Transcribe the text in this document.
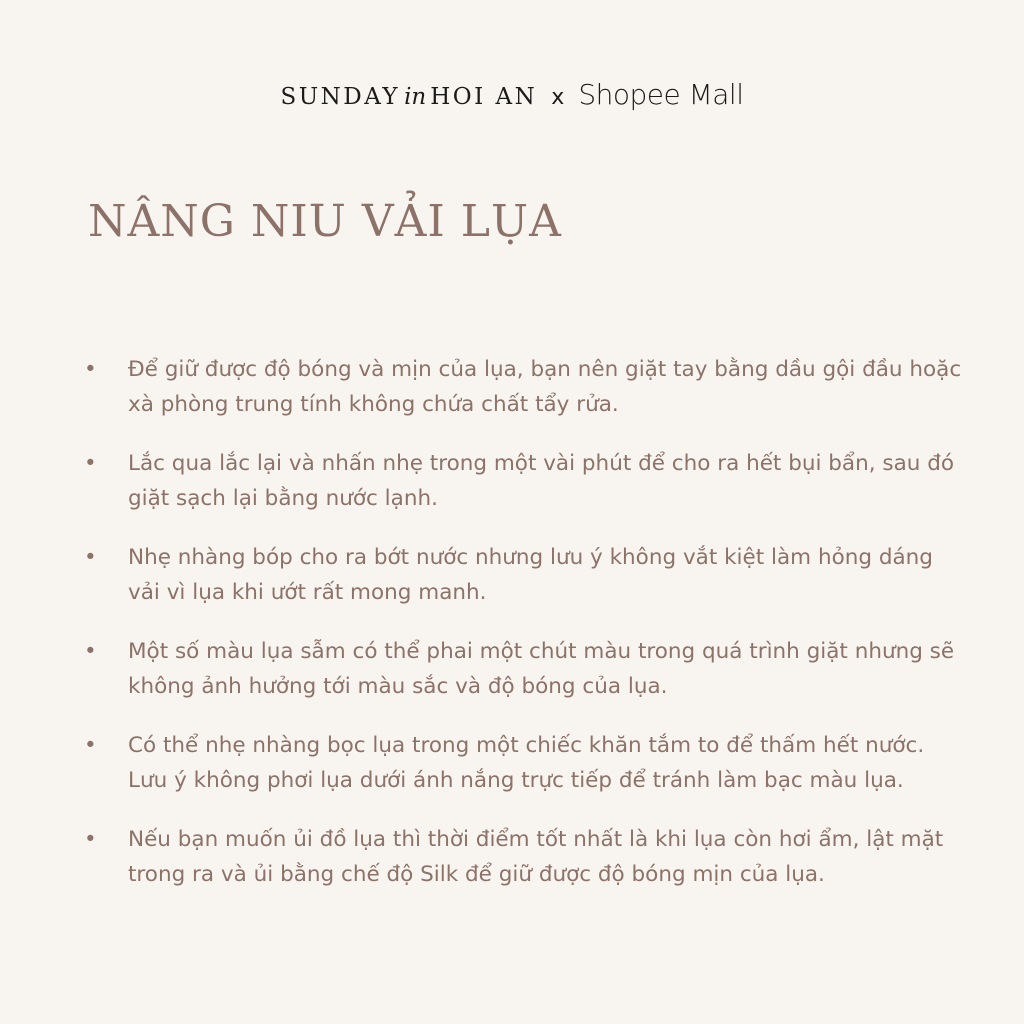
SUNDAY in HOI AN x Shopee Mall
NÂNG NIU VẢI LỤA
• Để giữ được độ bóng và mịn của lụa, bạn nên giặt tay bằng dầu gội đầu hoặc xà phòng trung tính không chứa chất tẩy rửa.
• Lắc qua lắc lại và nhấn nhẹ trong một vài phút để cho ra hết bụi bẩn, sau đó giặt sạch lại bằng nước lạnh.
• Nhẹ nhàng bóp cho ra bớt nước nhưng lưu ý không vắt kiệt làm hỏng dáng vải vì lụa khi ướt rất mong manh.
• Một số màu lụa sẫm có thể phai một chút màu trong quá trình giặt nhưng sẽ không ảnh hưởng tới màu sắc và độ bóng của lụa.
• Có thể nhẹ nhàng bọc lụa trong một chiếc khăn tắm to để thấm hết nước. Lưu ý không phơi lụa dưới ánh nắng trực tiếp để tránh làm bạc màu lụa.
• Nếu bạn muốn ủi đồ lụa thì thời điểm tốt nhất là khi lụa còn hơi ẩm, lật mặt trong ra và ủi bằng chế độ Silk để giữ được độ bóng mịn của lụa.
